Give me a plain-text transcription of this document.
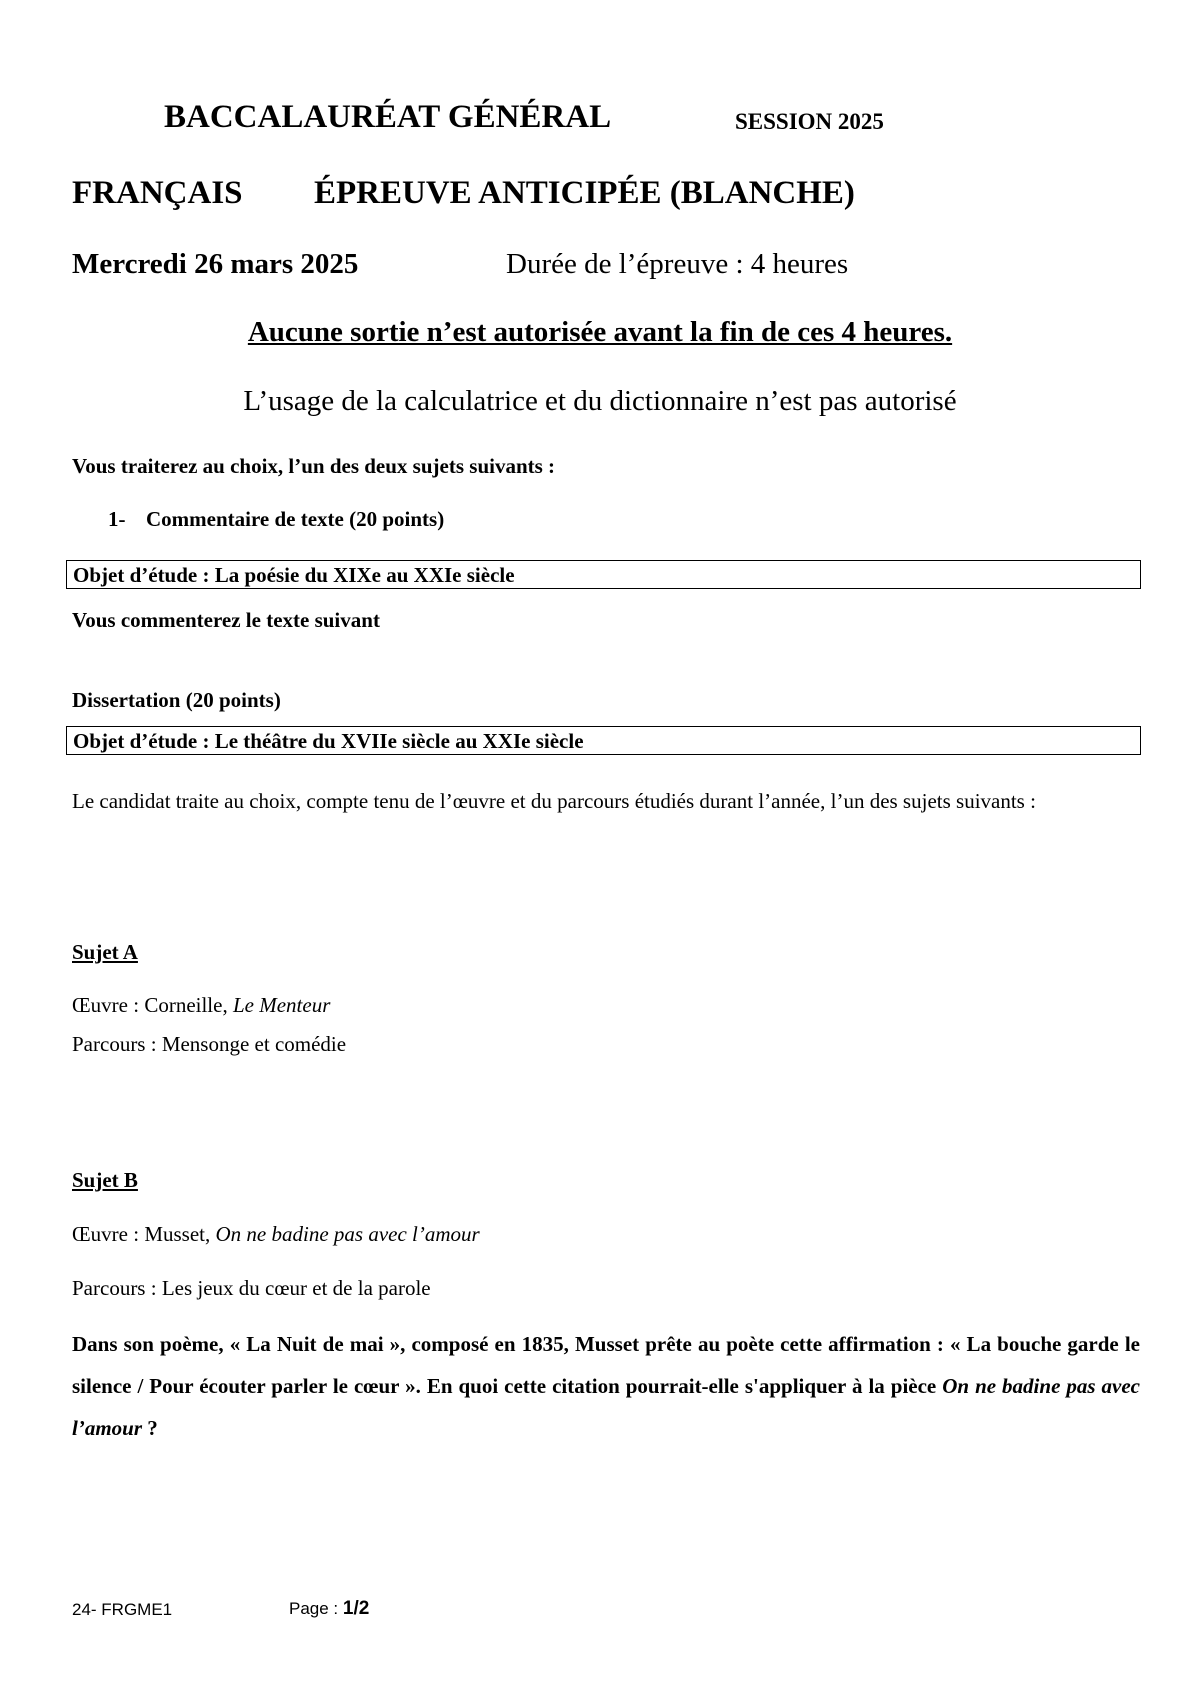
BACCALAURÉAT GÉNÉRAL	SESSION 2025
FRANÇAIS ÉPREUVE ANTICIPÉE (BLANCHE)
Mercredi 26 mars 2025	Durée de l’épreuve : 4 heures
Aucune sortie n’est autorisée avant la fin de ces 4 heures.
L’usage de la calculatrice et du dictionnaire n’est pas autorisé
Vous traiterez au choix, l’un des deux sujets suivants :
1- Commentaire de texte (20 points)
Objet d’étude : La poésie du XIXe au XXIe siècle
Vous commenterez le texte suivant
Dissertation (20 points)
Objet d’étude : Le théâtre du XVIIe siècle au XXIe siècle
Le candidat traite au choix, compte tenu de l’œuvre et du parcours étudiés durant l’année, l’un des sujets suivants :
Sujet A
Œuvre : Corneille, Le Menteur
Parcours : Mensonge et comédie
Sujet B
Œuvre : Musset, On ne badine pas avec l’amour
Parcours : Les jeux du cœur et de la parole
Dans son poème, « La Nuit de mai », composé en 1835, Musset prête au poète cette affirmation : « La bouche garde le silence / Pour écouter parler le cœur ». En quoi cette citation pourrait-elle s'appliquer à la pièce On ne badine pas avec l’amour ?
24- FRGME1	Page : 1/2
